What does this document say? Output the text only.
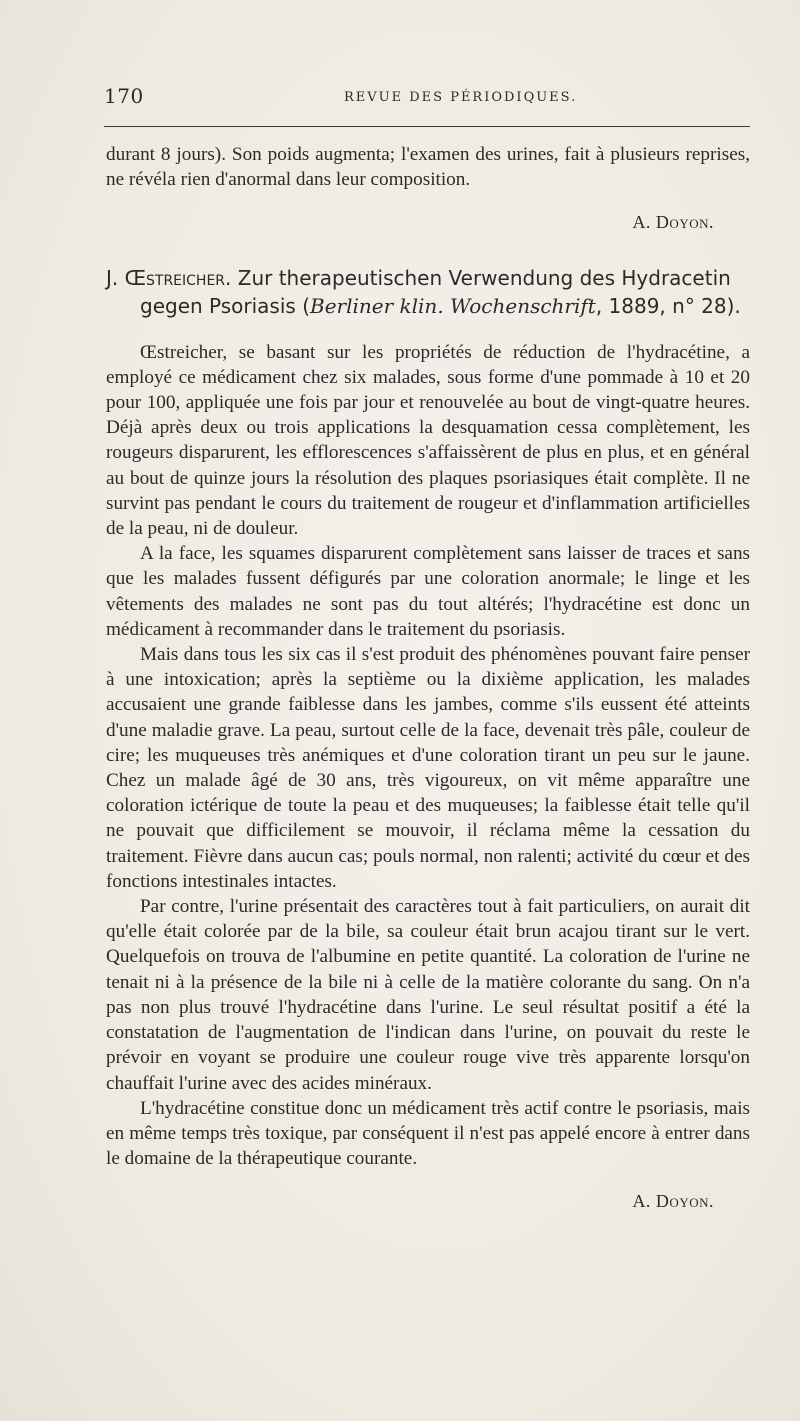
170	REVUE DES PÉRIODIQUES.

durant 8 jours). Son poids augmenta; l'examen des urines, fait à plusieurs reprises, ne révéla rien d'anormal dans leur composition.

A. Doyon.

J. Œstreicher. Zur therapeutischen Verwendung des Hydracetin
gegen Psoriasis (Berliner klin. Wochenschrift, 1889, n° 28).

Œstreicher, se basant sur les propriétés de réduction de l'hydracétine, a employé ce médicament chez six malades, sous forme d'une pommade à 10 et 20 pour 100, appliquée une fois par jour et renouvelée au bout de vingt-quatre heures. Déjà après deux ou trois applications la desquamation cessa complètement, les rougeurs disparurent, les efflorescences s'affaissèrent de plus en plus, et en général au bout de quinze jours la résolution des plaques psoriasiques était complète. Il ne survint pas pendant le cours du traitement de rougeur et d'inflammation artificielles de la peau, ni de douleur.

A la face, les squames disparurent complètement sans laisser de traces et sans que les malades fussent défigurés par une coloration anormale; le linge et les vêtements des malades ne sont pas du tout altérés; l'hydracétine est donc un médicament à recommander dans le traitement du psoriasis.

Mais dans tous les six cas il s'est produit des phénomènes pouvant faire penser à une intoxication; après la septième ou la dixième application, les malades accusaient une grande faiblesse dans les jambes, comme s'ils eussent été atteints d'une maladie grave. La peau, surtout celle de la face, devenait très pâle, couleur de cire; les muqueuses très anémiques et d'une coloration tirant un peu sur le jaune. Chez un malade âgé de 30 ans, très vigoureux, on vit même apparaître une coloration ictérique de toute la peau et des muqueuses; la faiblesse était telle qu'il ne pouvait que difficilement se mouvoir, il réclama même la cessation du traitement. Fièvre dans aucun cas; pouls normal, non ralenti; activité du cœur et des fonctions intestinales intactes.

Par contre, l'urine présentait des caractères tout à fait particuliers, on aurait dit qu'elle était colorée par de la bile, sa couleur était brun acajou tirant sur le vert. Quelquefois on trouva de l'albumine en petite quantité. La coloration de l'urine ne tenait ni à la présence de la bile ni à celle de la matière colorante du sang. On n'a pas non plus trouvé l'hydracétine dans l'urine. Le seul résultat positif a été la constatation de l'augmentation de l'indican dans l'urine, on pouvait du reste le prévoir en voyant se produire une couleur rouge vive très apparente lorsqu'on chauffait l'urine avec des acides minéraux.

L'hydracétine constitue donc un médicament très actif contre le psoriasis, mais en même temps très toxique, par conséquent il n'est pas appelé encore à entrer dans le domaine de la thérapeutique courante.

A. Doyon.
